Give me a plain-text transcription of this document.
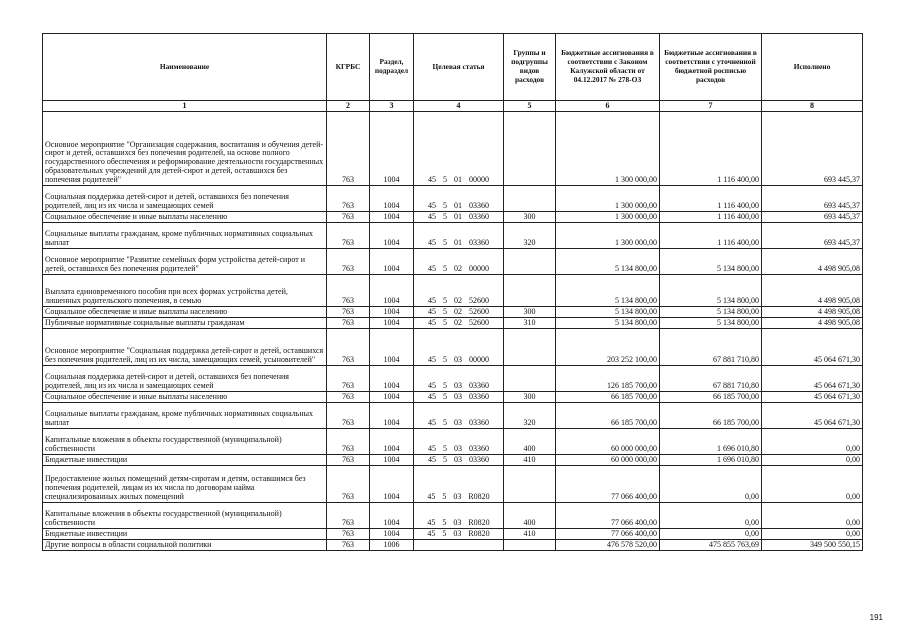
Наименование	КГРБС	Раздел, подраздел	Целевая статья	Группы и подгруппы видов расходов	Бюджетные ассигнования в соответствии с Законом Калужской области от 04.12.2017 № 278-ОЗ	Бюджетные ассигнования в соответствии с уточненной бюджетной росписью расходов	Исполнено
1	2	3	4	5	6	7	8
Основное мероприятие "Организация содержания, воспитания и обучения детей-сирот и детей, оставшихся без попечения родителей, на основе полного государственного обеспечения и реформирование деятельности государственных образовательных учреждений для детей-сирот и детей, оставшихся без попечения родителей"	763	1004	45 5 01 00000		1 300 000,00	1 116 400,00	693 445,37
Социальная поддержка детей-сирот и детей, оставшихся без попечения родителей, лиц из их числа и замещающих семей	763	1004	45 5 01 03360		1 300 000,00	1 116 400,00	693 445,37
Социальное обеспечение и иные выплаты населению	763	1004	45 5 01 03360	300	1 300 000,00	1 116 400,00	693 445,37
Социальные выплаты гражданам, кроме публичных нормативных социальных выплат	763	1004	45 5 01 03360	320	1 300 000,00	1 116 400,00	693 445,37
Основное мероприятие "Развитие семейных форм устройства детей-сирот и детей, оставшихся без попечения родителей"	763	1004	45 5 02 00000		5 134 800,00	5 134 800,00	4 498 905,08
Выплата единовременного пособия при всех формах устройства детей, лишенных родительского попечения, в семью	763	1004	45 5 02 52600		5 134 800,00	5 134 800,00	4 498 905,08
Социальное обеспечение и иные выплаты населению	763	1004	45 5 02 52600	300	5 134 800,00	5 134 800,00	4 498 905,08
Публичные нормативные социальные выплаты гражданам	763	1004	45 5 02 52600	310	5 134 800,00	5 134 800,00	4 498 905,08
Основное мероприятие "Социальная поддержка детей-сирот и детей, оставшихся без попечения родителей, лиц из их числа, замещающих семей, усыновителей"	763	1004	45 5 03 00000		203 252 100,00	67 881 710,80	45 064 671,30
Социальная поддержка детей-сирот и детей, оставшихся без попечения родителей, лиц из их числа и замещающих семей	763	1004	45 5 03 03360		126 185 700,00	67 881 710,80	45 064 671,30
Социальное обеспечение и иные выплаты населению	763	1004	45 5 03 03360	300	66 185 700,00	66 185 700,00	45 064 671,30
Социальные выплаты гражданам, кроме публичных нормативных социальных выплат	763	1004	45 5 03 03360	320	66 185 700,00	66 185 700,00	45 064 671,30
Капитальные вложения в объекты государственной (муниципальной) собственности	763	1004	45 5 03 03360	400	60 000 000,00	1 696 010,80	0,00
Бюджетные инвестиции	763	1004	45 5 03 03360	410	60 000 000,00	1 696 010,80	0,00
Предоставление жилых помещений детям-сиротам и детям, оставшимся без попечения родителей, лицам из их числа по договорам найма специализированных жилых помещений	763	1004	45 5 03 R0820		77 066 400,00	0,00	0,00
Капитальные вложения в объекты государственной (муниципальной) собственности	763	1004	45 5 03 R0820	400	77 066 400,00	0,00	0,00
Бюджетные инвестиции	763	1004	45 5 03 R0820	410	77 066 400,00	0,00	0,00
Другие вопросы в области социальной политики	763	1006			476 578 520,00	475 855 763,69	349 500 550,15
191
